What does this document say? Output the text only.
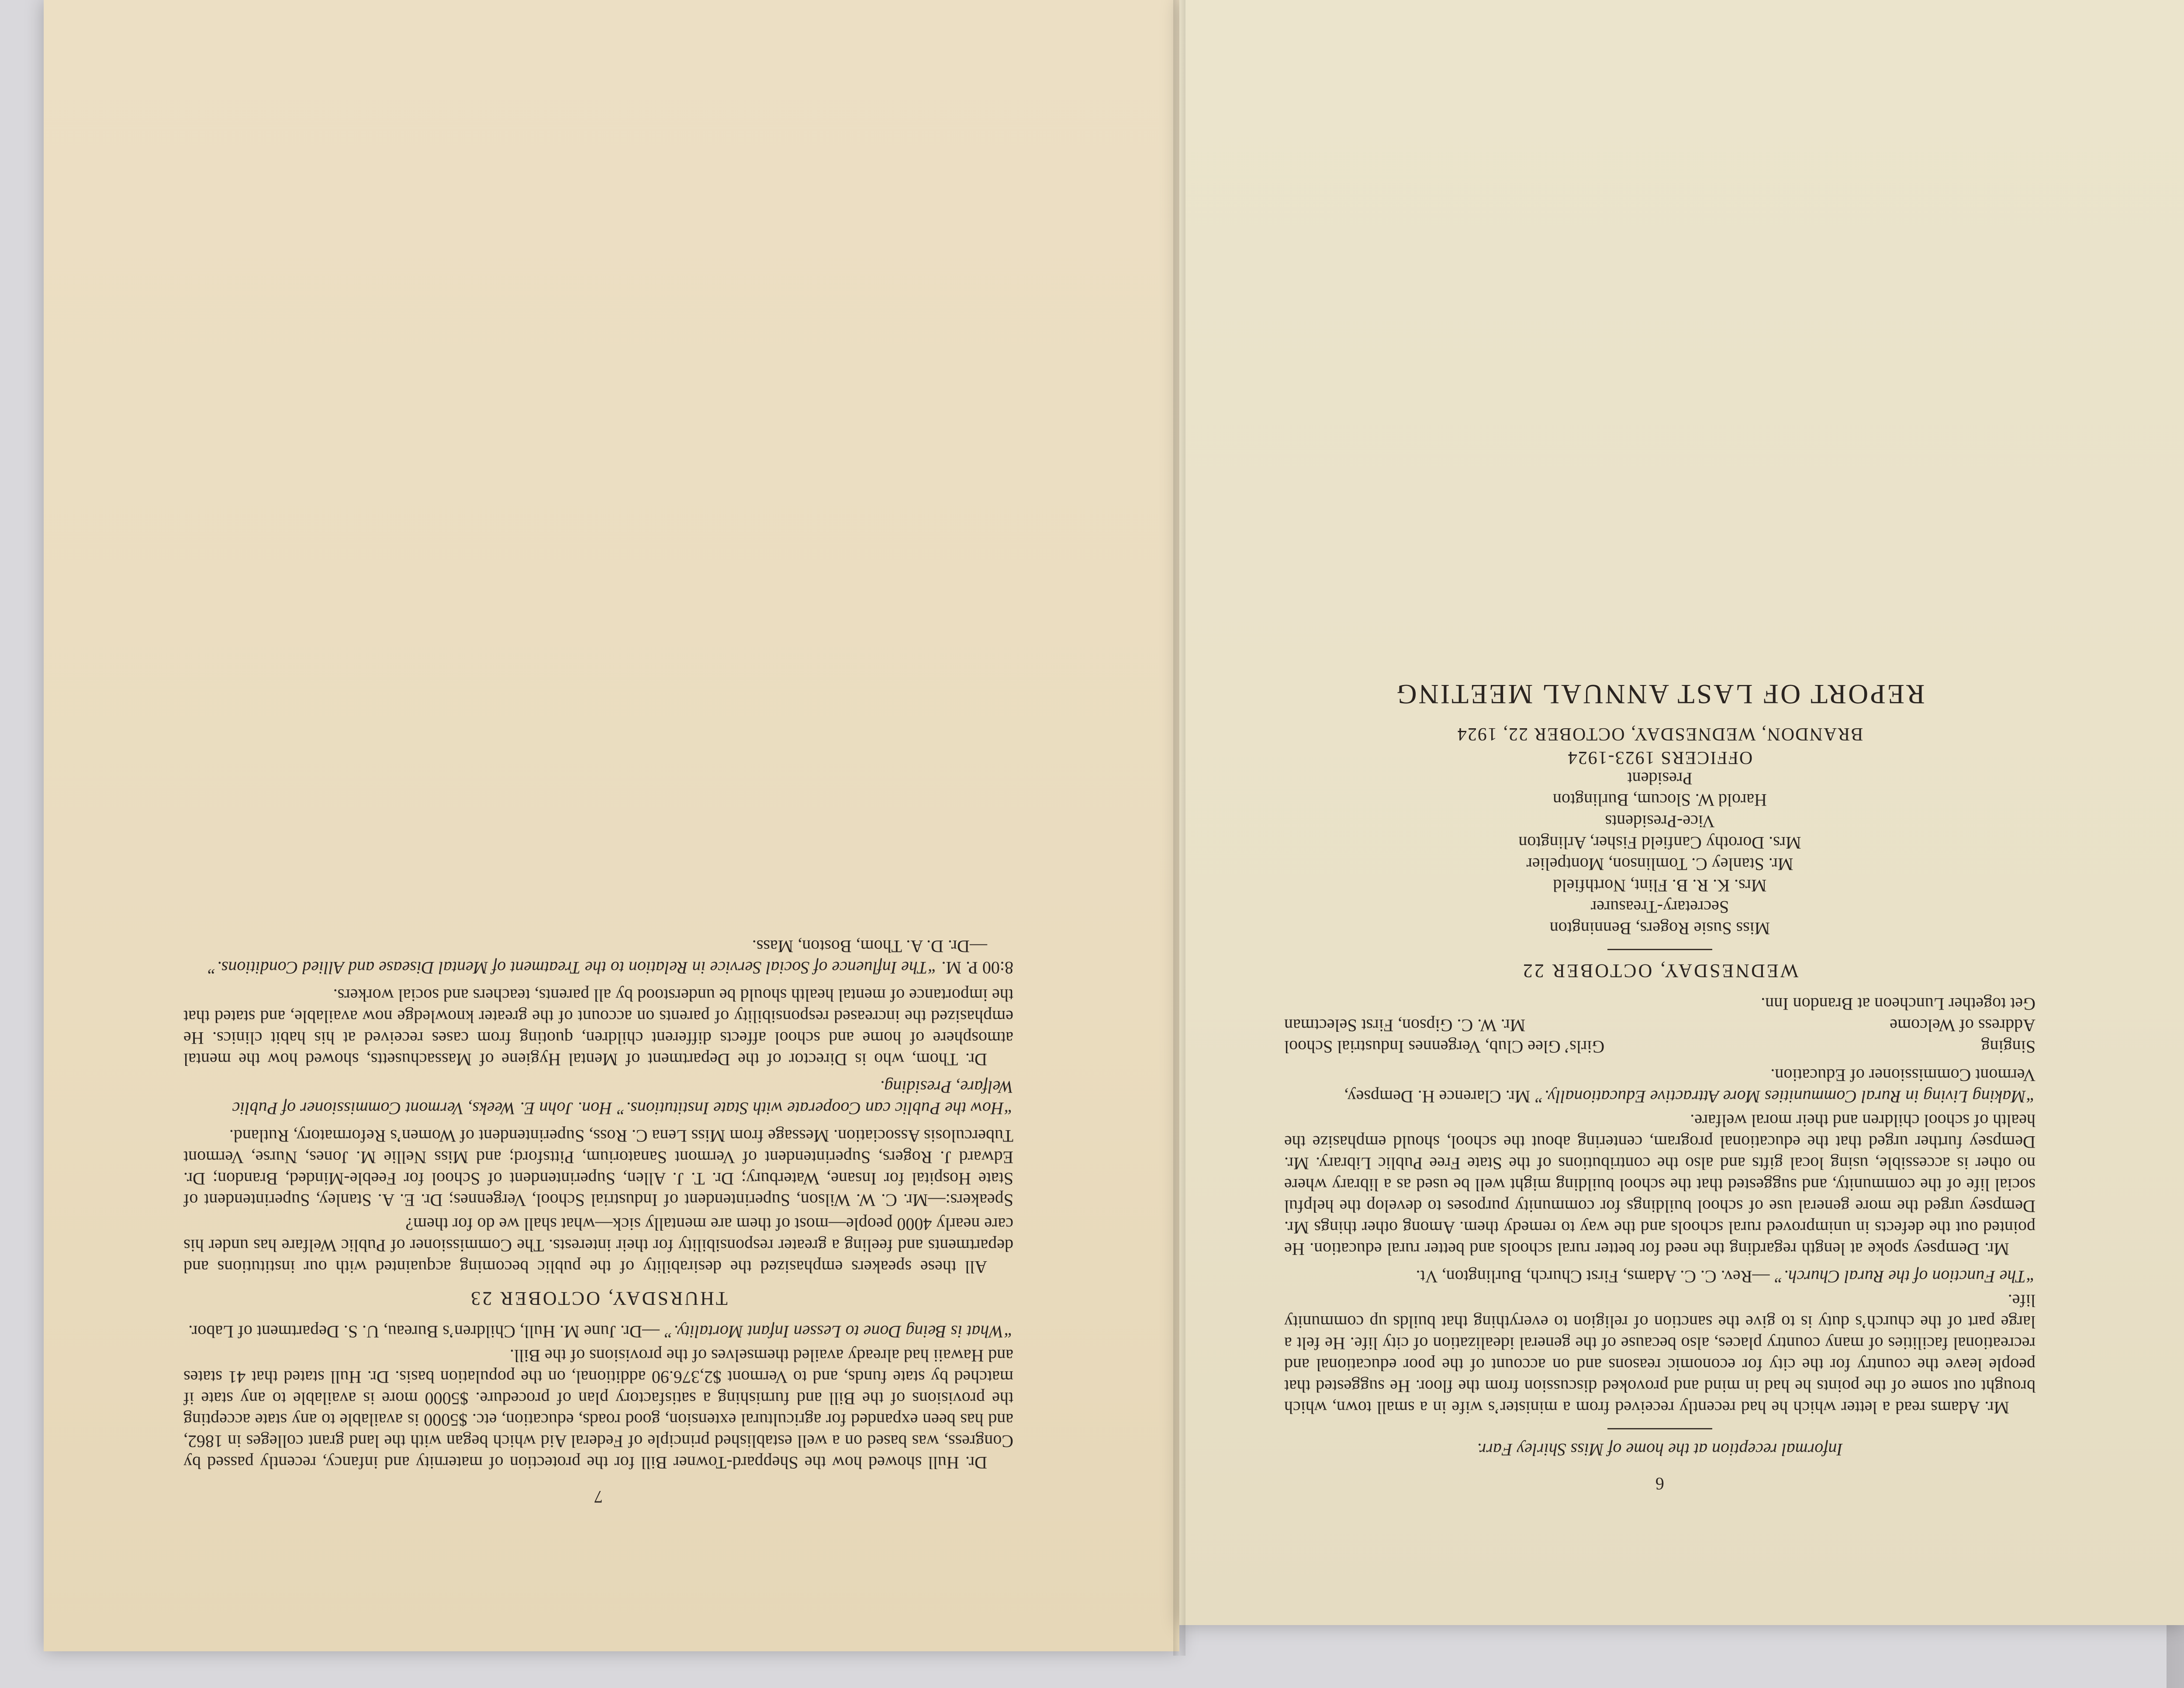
7

Dr. Hull showed how the Sheppard-Towner Bill for the protection of maternity and infancy, recently passed by Congress, was based on a well established principle of Federal Aid which began with the land grant colleges in 1862, and has been expanded for agricultural extension, good roads, education, etc. $5000 is available to any state accepting the provisions of the Bill and furnishing a satisfactory plan of procedure. $5000 more is available to any state if matched by state funds, and to Vermont $2,376.90 additional, on the population basis. Dr. Hull stated that 41 states and Hawaii had already availed themselves of the provisions of the Bill.

“What is Being Done to Lessen Infant Mortality.” —Dr. June M. Hull, Children’s Bureau, U. S. Department of Labor.

THURSDAY, OCTOBER 23

All these speakers emphasized the desirability of the public becoming acquainted with our institutions and departments and feeling a greater responsibility for their interests. The Commissioner of Public Welfare has under his care nearly 4000 people—most of them are mentally sick—what shall we do for them?

Speakers:—Mr. C. W. Wilson, Superintendent of Industrial School, Vergennes; Dr. E. A. Stanley, Superintendent of State Hospital for Insane, Waterbury; Dr. T. J. Allen, Superintendent of School for Feeble-Minded, Brandon; Dr. Edward J. Rogers, Superintendent of Vermont Sanatorium, Pittsford; and Miss Nellie M. Jones, Nurse, Vermont Tuberculosis Association. Message from Miss Lena C. Ross, Superintendent of Women’s Reformatory, Rutland.

“How the Public can Cooperate with State Institutions.” Hon. John E. Weeks, Vermont Commissioner of Public Welfare, Presiding.

Dr. Thom, who is Director of the Department of Mental Hygiene of Massachusetts, showed how the mental atmosphere of home and school affects different children, quoting from cases received at his habit clinics. He emphasized the increased responsibility of parents on account of the greater knowledge now available, and stated that the importance of mental health should be understood by all parents, teachers and social workers.

8:00 P. M. “The Influence of Social Service in Relation to the Treatment of Mental Disease and Allied Conditions.”

—Dr. D. A. Thom, Boston, Mass.

6

Informal reception at the home of Miss Shirley Farr.

Mr. Adams read a letter which he had recently received from a minister’s wife in a small town, which brought out some of the points he had in mind and provoked discussion from the floor. He suggested that people leave the country for the city for economic reasons and on account of the poor educational and recreational facilities of many country places, also because of the general idealization of city life. He felt a large part of the church’s duty is to give the sanction of religion to everything that builds up community life.

“The Function of the Rural Church.” —Rev. C. C. Adams, First Church, Burlington, Vt.

Mr. Dempsey spoke at length regarding the need for better rural schools and better rural education. He pointed out the defects in unimproved rural schools and the way to remedy them. Among other things Mr. Dempsey urged the more general use of school buildings for community purposes to develop the helpful social life of the community, and suggested that the school building might well be used as a library where no other is accessible, using local gifts and also the contributions of the State Free Public Library. Mr. Dempsey further urged that the educational program, centering about the school, should emphasize the health of school children and their moral welfare.

“Making Living in Rural Communities More Attractive Educationally.” Mr. Clarence H. Dempsey, Vermont Commissioner of Education.

Singing
Girls’ Glee Club, Vergennes Industrial School
Address of Welcome
Mr. W. C. Gipson, First Selectman

Get together Luncheon at Brandon Inn.

WEDNESDAY, OCTOBER 22

Miss Susie Rogers, Bennington

Secretary-Treasurer

Mrs. K. R. B. Flint, Northfield

Mr. Stanley C. Tomlinson, Montpelier

Mrs. Dorothy Canfield Fisher, Arlington

Vice-Presidents

Harold W. Slocum, Burlington

President

OFFICERS 1923-1924
BRANDON, WEDNESDAY, OCTOBER 22, 1924
REPORT OF LAST ANNUAL MEETING
